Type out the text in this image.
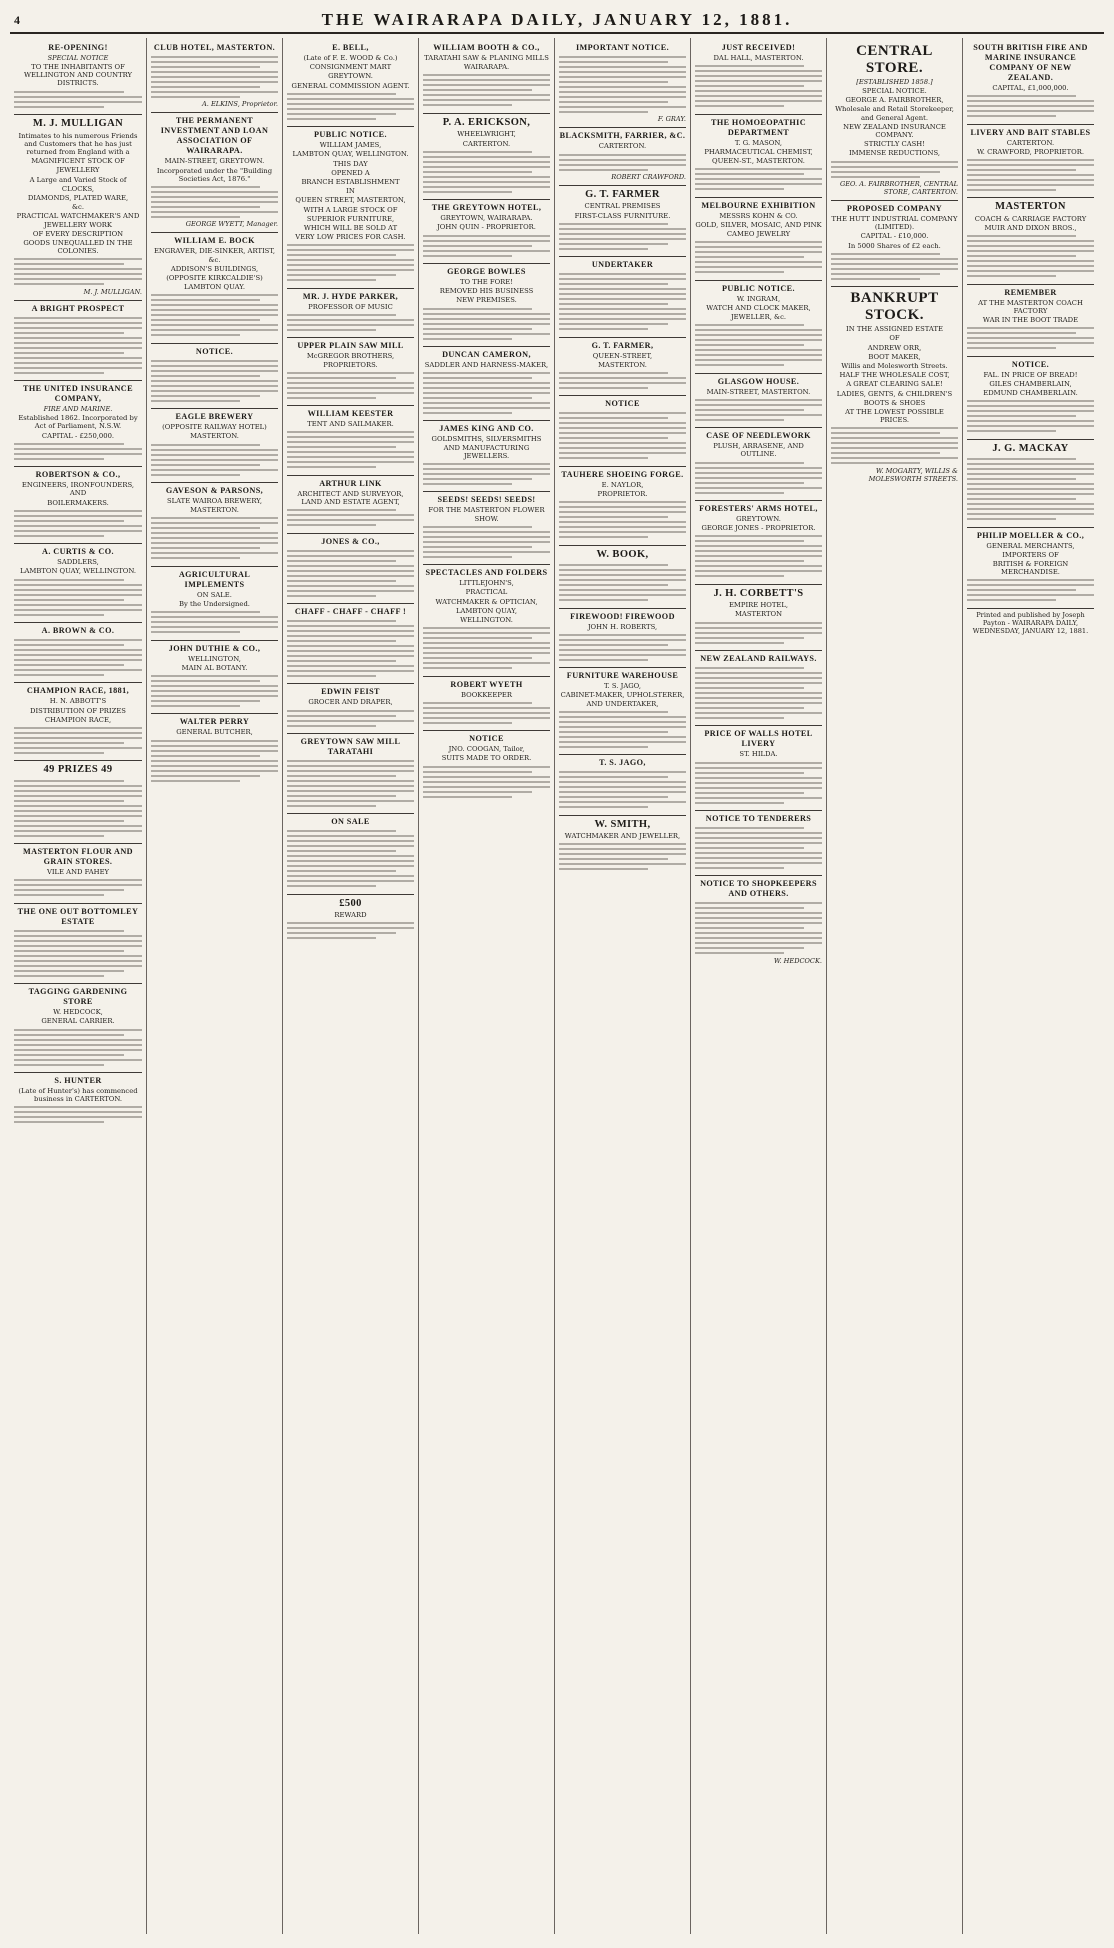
4	THE WAIRARAPA DAILY, JANUARY 12, 1881.
RE-OPENING!
SPECIAL NOTICE
TO THE INHABITANTS OF WELLINGTON AND COUNTRY DISTRICTS.
M. J. MULLIGAN
Intimates to his numerous Friends and Customers that he has just returned from England with a
MAGNIFICENT STOCK OF
JEWELLERY
A Large and Varied Stock of
CLOCKS,
DIAMONDS, PLATED WARE,
&c.
PRACTICAL WATCHMAKER'S AND JEWELLERY WORK
OF EVERY DESCRIPTION
GOODS UNEQUALLED IN THE COLONIES.
M. J. MULLIGAN.
A BRIGHT PROSPECT
THE UNITED INSURANCE COMPANY,
FIRE AND MARINE.
Established 1862. Incorporated by Act of Parliament, N.S.W.
CAPITAL - £250,000.
ROBERTSON & CO.,
ENGINEERS, IRONFOUNDERS, AND
BOILERMAKERS.
A. CURTIS & CO.
SADDLERS,
LAMBTON QUAY, WELLINGTON.
A. BROWN & CO.
CHAMPION RACE, 1881,
H. N. ABBOTT'S
DISTRIBUTION OF PRIZES
CHAMPION RACE,
49 PRIZES 49
MASTERTON FLOUR AND GRAIN STORES.
VILE AND FAHEY
THE ONE OUT BOTTOMLEY ESTATE
TAGGING GARDENING STORE
W. HEDCOCK,
GENERAL CARRIER.
S. HUNTER
(Late of Hunter's) has commenced business in CARTERTON.
CLUB HOTEL, MASTERTON.
A. ELKINS, Proprietor.
THE PERMANENT INVESTMENT AND LOAN ASSOCIATION OF WAIRARAPA.
MAIN-STREET, GREYTOWN.
Incorporated under the "Building Societies Act, 1876."
GEORGE WYETT, Manager.
WILLIAM E. BOCK
ENGRAVER, DIE-SINKER, ARTIST, &c.
ADDISON'S BUILDINGS,
(OPPOSITE KIRKCALDIE'S)
LAMBTON QUAY.
NOTICE.
EAGLE BREWERY
(OPPOSITE RAILWAY HOTEL)
MASTERTON.
GAVESON & PARSONS,
SLATE WAIROA BREWERY,
MASTERTON.
AGRICULTURAL IMPLEMENTS
ON SALE.
By the Undersigned.
JOHN DUTHIE & CO.,
WELLINGTON,
MAIN AL BOTANY.
WALTER PERRY
GENERAL BUTCHER,
E. BELL,
(Late of F. E. WOOD & Co.)
CONSIGNMENT MART
GREYTOWN.
GENERAL COMMISSION AGENT.
PUBLIC NOTICE.
WILLIAM JAMES,
LAMBTON QUAY, WELLINGTON.
THIS DAY
OPENED A
BRANCH ESTABLISHMENT
IN
QUEEN STREET, MASTERTON,
WITH A LARGE STOCK OF
SUPERIOR FURNITURE,
WHICH WILL BE SOLD AT
VERY LOW PRICES FOR CASH.
MR. J. HYDE PARKER,
PROFESSOR OF MUSIC
UPPER PLAIN SAW MILL
McGREGOR BROTHERS, PROPRIETORS.
WILLIAM KEESTER
TENT AND SAILMAKER.
ARTHUR LINK
ARCHITECT AND SURVEYOR, LAND AND ESTATE AGENT,
JONES & CO.,
CHAFF - CHAFF - CHAFF !
EDWIN FEIST
GROCER AND DRAPER,
GREYTOWN SAW MILL TARATAHI
ON SALE
£500
REWARD
WILLIAM BOOTH & CO.,
TARATAHI SAW & PLANING MILLS
WAIRARAPA.
P. A. ERICKSON,
WHEELWRIGHT,
CARTERTON.
THE GREYTOWN HOTEL,
GREYTOWN, WAIRARAPA.
JOHN QUIN - PROPRIETOR.
GEORGE BOWLES
TO THE FORE!
REMOVED HIS BUSINESS
NEW PREMISES.
DUNCAN CAMERON,
SADDLER AND HARNESS-MAKER,
JAMES KING AND CO.
GOLDSMITHS, SILVERSMITHS AND MANUFACTURING JEWELLERS.
SEEDS! SEEDS! SEEDS!
FOR THE MASTERTON FLOWER SHOW.
SPECTACLES AND FOLDERS
LITTLEJOHN'S,
PRACTICAL
WATCHMAKER & OPTICIAN,
LAMBTON QUAY,
WELLINGTON.
ROBERT WYETH
BOOKKEEPER
NOTICE
JNO. COOGAN, Tailor,
SUITS MADE TO ORDER.
IMPORTANT NOTICE.
F. GRAY.
BLACKSMITH, FARRIER, &C.
CARTERTON.
ROBERT CRAWFORD.
G. T. FARMER
CENTRAL PREMISES
FIRST-CLASS FURNITURE.
UNDERTAKER
G. T. FARMER,
QUEEN-STREET,
MASTERTON.
NOTICE
TAUHERE SHOEING FORGE.
E. NAYLOR,
PROPRIETOR.
W. BOOK,
FIREWOOD! FIREWOOD
JOHN H. ROBERTS,
FURNITURE WAREHOUSE
T. S. JAGO,
CABINET-MAKER, UPHOLSTERER, AND UNDERTAKER,
T. S. JAGO,
W. SMITH,
WATCHMAKER AND JEWELLER,
JUST RECEIVED!
DAL HALL, MASTERTON.
THE HOMOEOPATHIC DEPARTMENT
T. G. MASON,
PHARMACEUTICAL CHEMIST,
QUEEN-ST., MASTERTON.
MELBOURNE EXHIBITION
MESSRS KOHN & CO.
GOLD, SILVER, MOSAIC, AND PINK
CAMEO JEWELRY
PUBLIC NOTICE.
W. INGRAM,
WATCH AND CLOCK MAKER,
JEWELLER, &c.
GLASGOW HOUSE.
MAIN-STREET, MASTERTON.
CASE OF NEEDLEWORK
PLUSH, ARRASENE, AND OUTLINE.
FORESTERS' ARMS HOTEL,
GREYTOWN.
GEORGE JONES - PROPRIETOR.
J. H. CORBETT'S
EMPIRE HOTEL,
MASTERTON
NEW ZEALAND RAILWAYS.
PRICE OF WALLS HOTEL LIVERY
ST. HILDA.
NOTICE TO TENDERERS
NOTICE TO SHOPKEEPERS AND OTHERS.
W. HEDCOCK.
CENTRAL STORE.
[ESTABLISHED 1858.]
SPECIAL NOTICE.
GEORGE A. FAIRBROTHER,
Wholesale and Retail Storekeeper, and General Agent.
NEW ZEALAND INSURANCE COMPANY.
STRICTLY CASH!
IMMENSE REDUCTIONS,
GEO. A. FAIRBROTHER, CENTRAL STORE, CARTERTON.
PROPOSED COMPANY
THE HUTT INDUSTRIAL COMPANY (LIMITED).
CAPITAL - £10,000.
In 5000 Shares of £2 each.
BANKRUPT STOCK.
IN THE ASSIGNED ESTATE
OF
ANDREW ORR,
BOOT MAKER,
Willis and Molesworth Streets.
HALF THE WHOLESALE COST,
A GREAT CLEARING SALE!
LADIES, GENTS, & CHILDREN'S
BOOTS & SHOES
AT THE LOWEST POSSIBLE PRICES.
W. MOGARTY, WILLIS & MOLESWORTH STREETS.
SOUTH BRITISH FIRE AND MARINE INSURANCE COMPANY OF NEW ZEALAND.
CAPITAL, £1,000,000.
LIVERY AND BAIT STABLES
CARTERTON.
W. CRAWFORD, PROPRIETOR.
MASTERTON
COACH & CARRIAGE FACTORY
MUIR AND DIXON BROS.,
REMEMBER
AT THE MASTERTON COACH FACTORY
WAR IN THE BOOT TRADE
NOTICE.
FAL. IN PRICE OF BREAD!
GILES CHAMBERLAIN,
EDMUND CHAMBERLAIN.
J. G. MACKAY
PHILIP MOELLER & CO.,
GENERAL MERCHANTS,
IMPORTERS OF
BRITISH & FOREIGN MERCHANDISE.
Printed and published by Joseph Payton - WAIRARAPA DAILY, WEDNESDAY, JANUARY 12, 1881.
